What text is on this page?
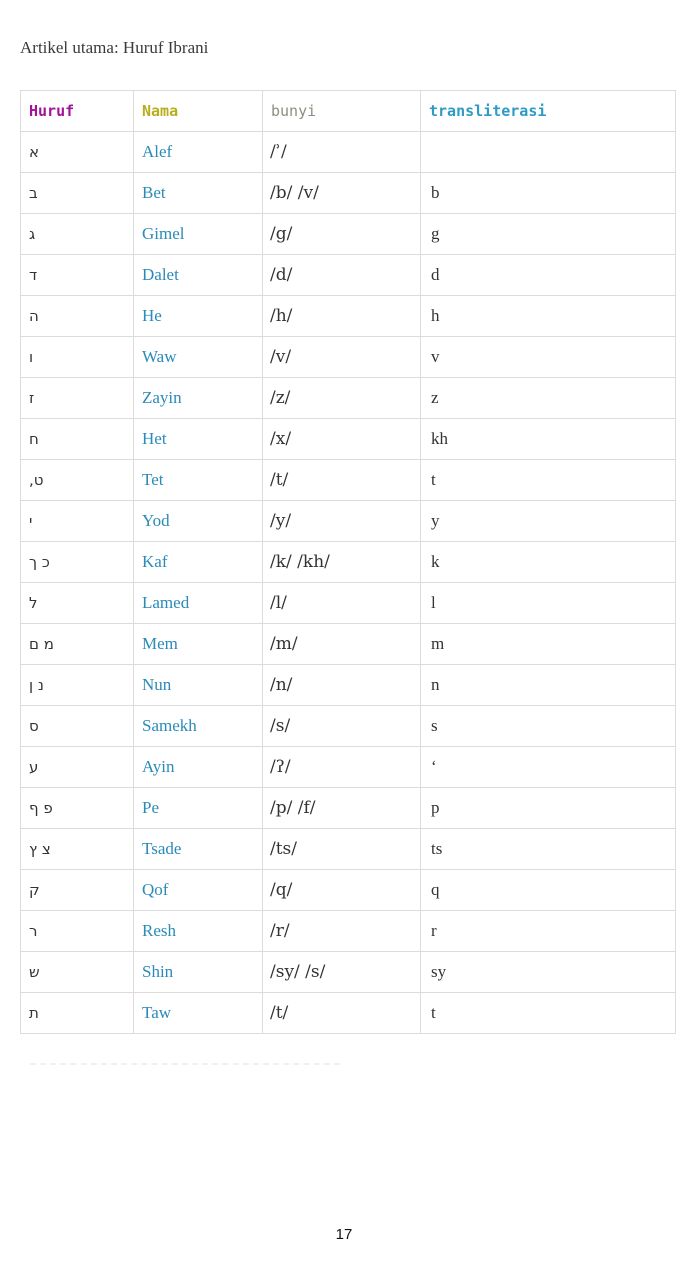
Artikel utama: Huruf Ibrani

Huruf	Nama	bunyi	transliterasi
א	Alef	/ʾ/	
ב	Bet	/b/ /v/	b
ג	Gimel	/g/	g
ד	Dalet	/d/	d
ה	He	/h/	h
ו	Waw	/v/	v
ז	Zayin	/z/	z
ח	Het	/x/	kh
ט,	Tet	/t/	t
י	Yod	/y/	y
כ ך	Kaf	/k/ /kh/	k
ל	Lamed	/l/	l
מ ם	Mem	/m/	m
נ ן	Nun	/n/	n
ס	Samekh	/s/	s
ע	Ayin	/ʔ/	ʻ
פ ף	Pe	/p/ /f/	p
צ ץ	Tsade	/ts/	ts
ק	Qof	/q/	q
ר	Resh	/r/	r
ש	Shin	/sy/ /s/	sy
ת	Taw	/t/	t
17
